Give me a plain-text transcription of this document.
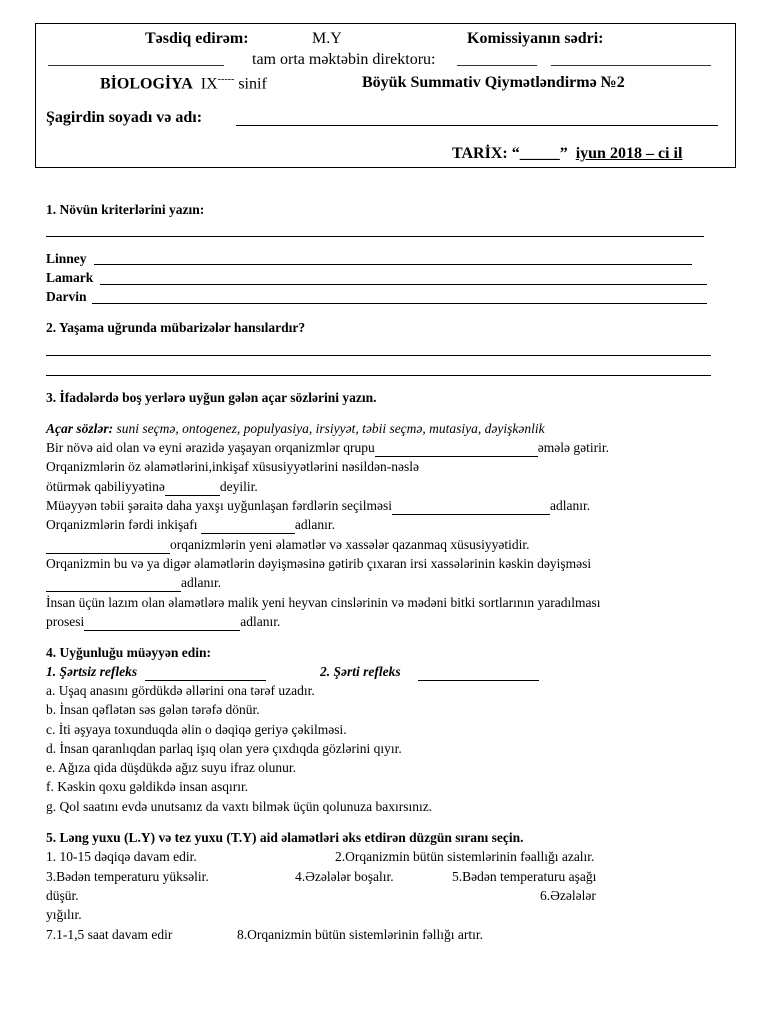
Təsdiq edirəm:	M.Y	Komissiyanın sədri:
______________________ tam orta məktəbin direktoru: __________ ____________________
BİOLOGİYA IX----- sinif	Böyük Summativ Qiymətləndirmə №2
Şagirdin soyadı və adı:
TARİX: “_____” iyun 2018 – ci il
1. Növün kriterlərini yazın:
Linney
Lamark
Darvin
2. Yaşama uğrunda mübarizələr hansılardır?
3. İfadələrdə boş yerlərə uyğun gələn açar sözlərini yazın.
Açar sözlər: suni seçmə, ontogenez, populyasiya, irsiyyət, təbii seçmə, mutasiya, dəyişkənlik
Bir növə aid olan və eyni ərazidə yaşayan orqanizmlər qrupu	əmələ gətirir.
Orqanizmlərin öz əlamətlərini,inkişaf xüsusiyyətlərini nəsildən-nəslə
ötürmək qabiliyyətinə	deyilir.
Müəyyən təbii şəraitə daha yaxşı uyğunlaşan fərdlərin seçilməsi	adlanır.
Orqanizmlərin fərdi inkişafı	adlanır.
orqanizmlərin yeni əlamətlər və xassələr qazanmaq xüsusiyyətidir.
Orqanizmin bu və ya digər əlamətlərin dəyişməsinə gətirib çıxaran irsi xassələrinin kəskin dəyişməsi
adlanır.
İnsan üçün lazım olan əlamətlərə malik yeni heyvan cinslərinin və mədəni bitki sortlarının yaradılması
prosesi	adlanır.
4. Uyğunluğu müəyyən edin:
1. Şərtsiz refleks	2. Şərti refleks
a. Uşaq anasını gördükdə əllərini ona tərəf uzadır.
b. İnsan qəflətən səs gələn tərəfə dönür.
c. İti əşyaya toxunduqda əlin o dəqiqə geriyə çəkilməsi.
d. İnsan qaranlıqdan parlaq işıq olan yerə çıxdıqda gözlərini qıyır.
e. Ağıza qida düşdükdə ağız suyu ifraz olunur.
f. Kəskin qoxu gəldikdə insan asqırır.
g. Qol saatını evdə unutsanız da vaxtı bilmək üçün qolunuza baxırsınız.
5. Ləng yuxu (L.Y) və tez yuxu (T.Y) aid əlamətləri əks etdirən düzgün sıranı seçin.
1. 10-15 dəqiqə davam edir.	2.Orqanizmin bütün sistemlərinin fəallığı azalır.
3.Bədən temperaturu yüksəlir.	4.Əzələlər boşalır.	5.Bədən temperaturu aşağı
düşür.	6.Əzələlər
yığılır.
7.1-1,5 saat davam edir	8.Orqanizmin bütün sistemlərinin fəllığı artır.
